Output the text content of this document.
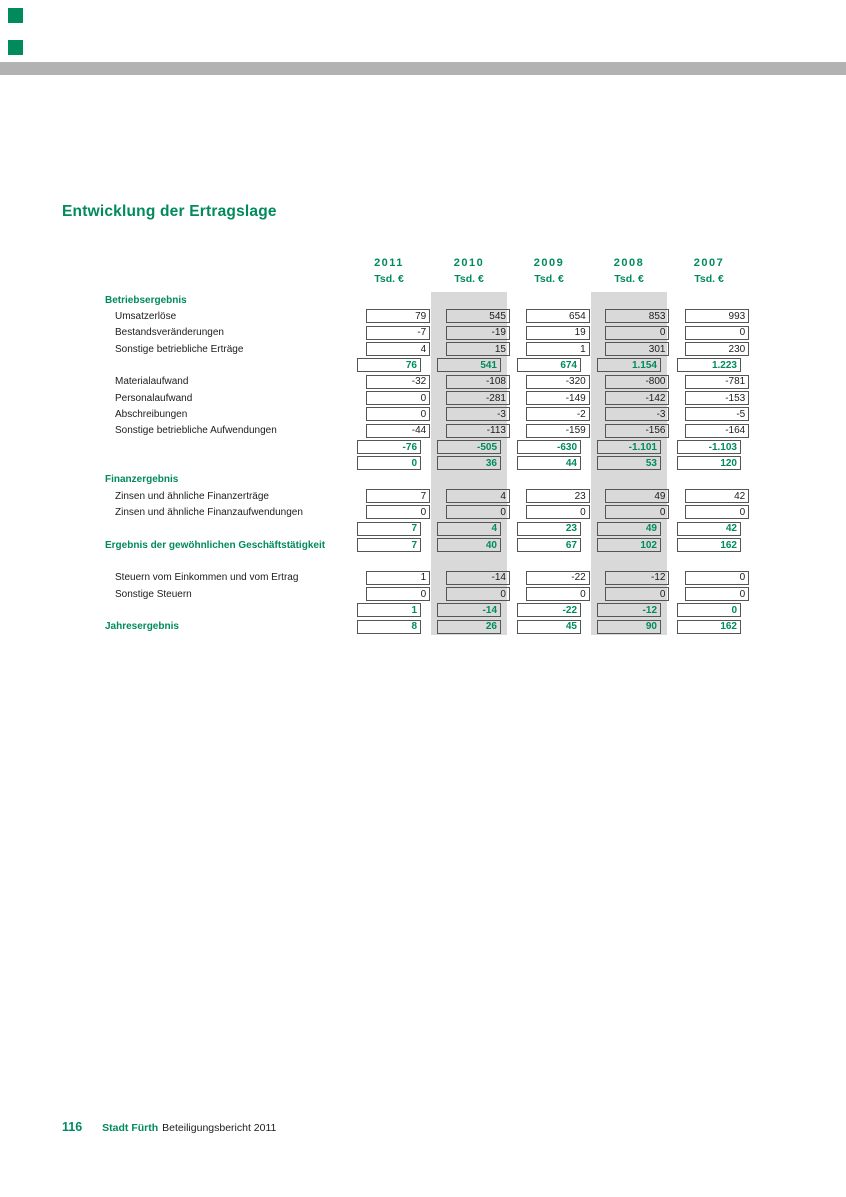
Entwicklung der Ertragslage
2011	2010	2009	2008	2007
Tsd. €	Tsd. €	Tsd. €	Tsd. €	Tsd. €
Betriebsergebnis
Umsatzerlöse	79	545	654	853	993
Bestandsveränderungen	-7	-19	19	0	0
Sonstige betriebliche Erträge	4	15	1	301	230
76	541	674	1.154	1.223
Materialaufwand	-32	-108	-320	-800	-781
Personalaufwand	0	-281	-149	-142	-153
Abschreibungen	0	-3	-2	-3	-5
Sonstige betriebliche Aufwendungen	-44	-113	-159	-156	-164
-76	-505	-630	-1.101	-1.103
0	36	44	53	120
Finanzergebnis
Zinsen und ähnliche Finanzerträge	7	4	23	49	42
Zinsen und ähnliche Finanzaufwendungen	0	0	0	0	0
7	4	23	49	42
Ergebnis der gewöhnlichen Geschäftstätigkeit	7	40	67	102	162
Steuern vom Einkommen und vom Ertrag	1	-14	-22	-12	0
Sonstige Steuern	0	0	0	0	0
1	-14	-22	-12	0
Jahresergebnis	8	26	45	90	162
116 Stadt Fürth Beteiligungsbericht 2011
